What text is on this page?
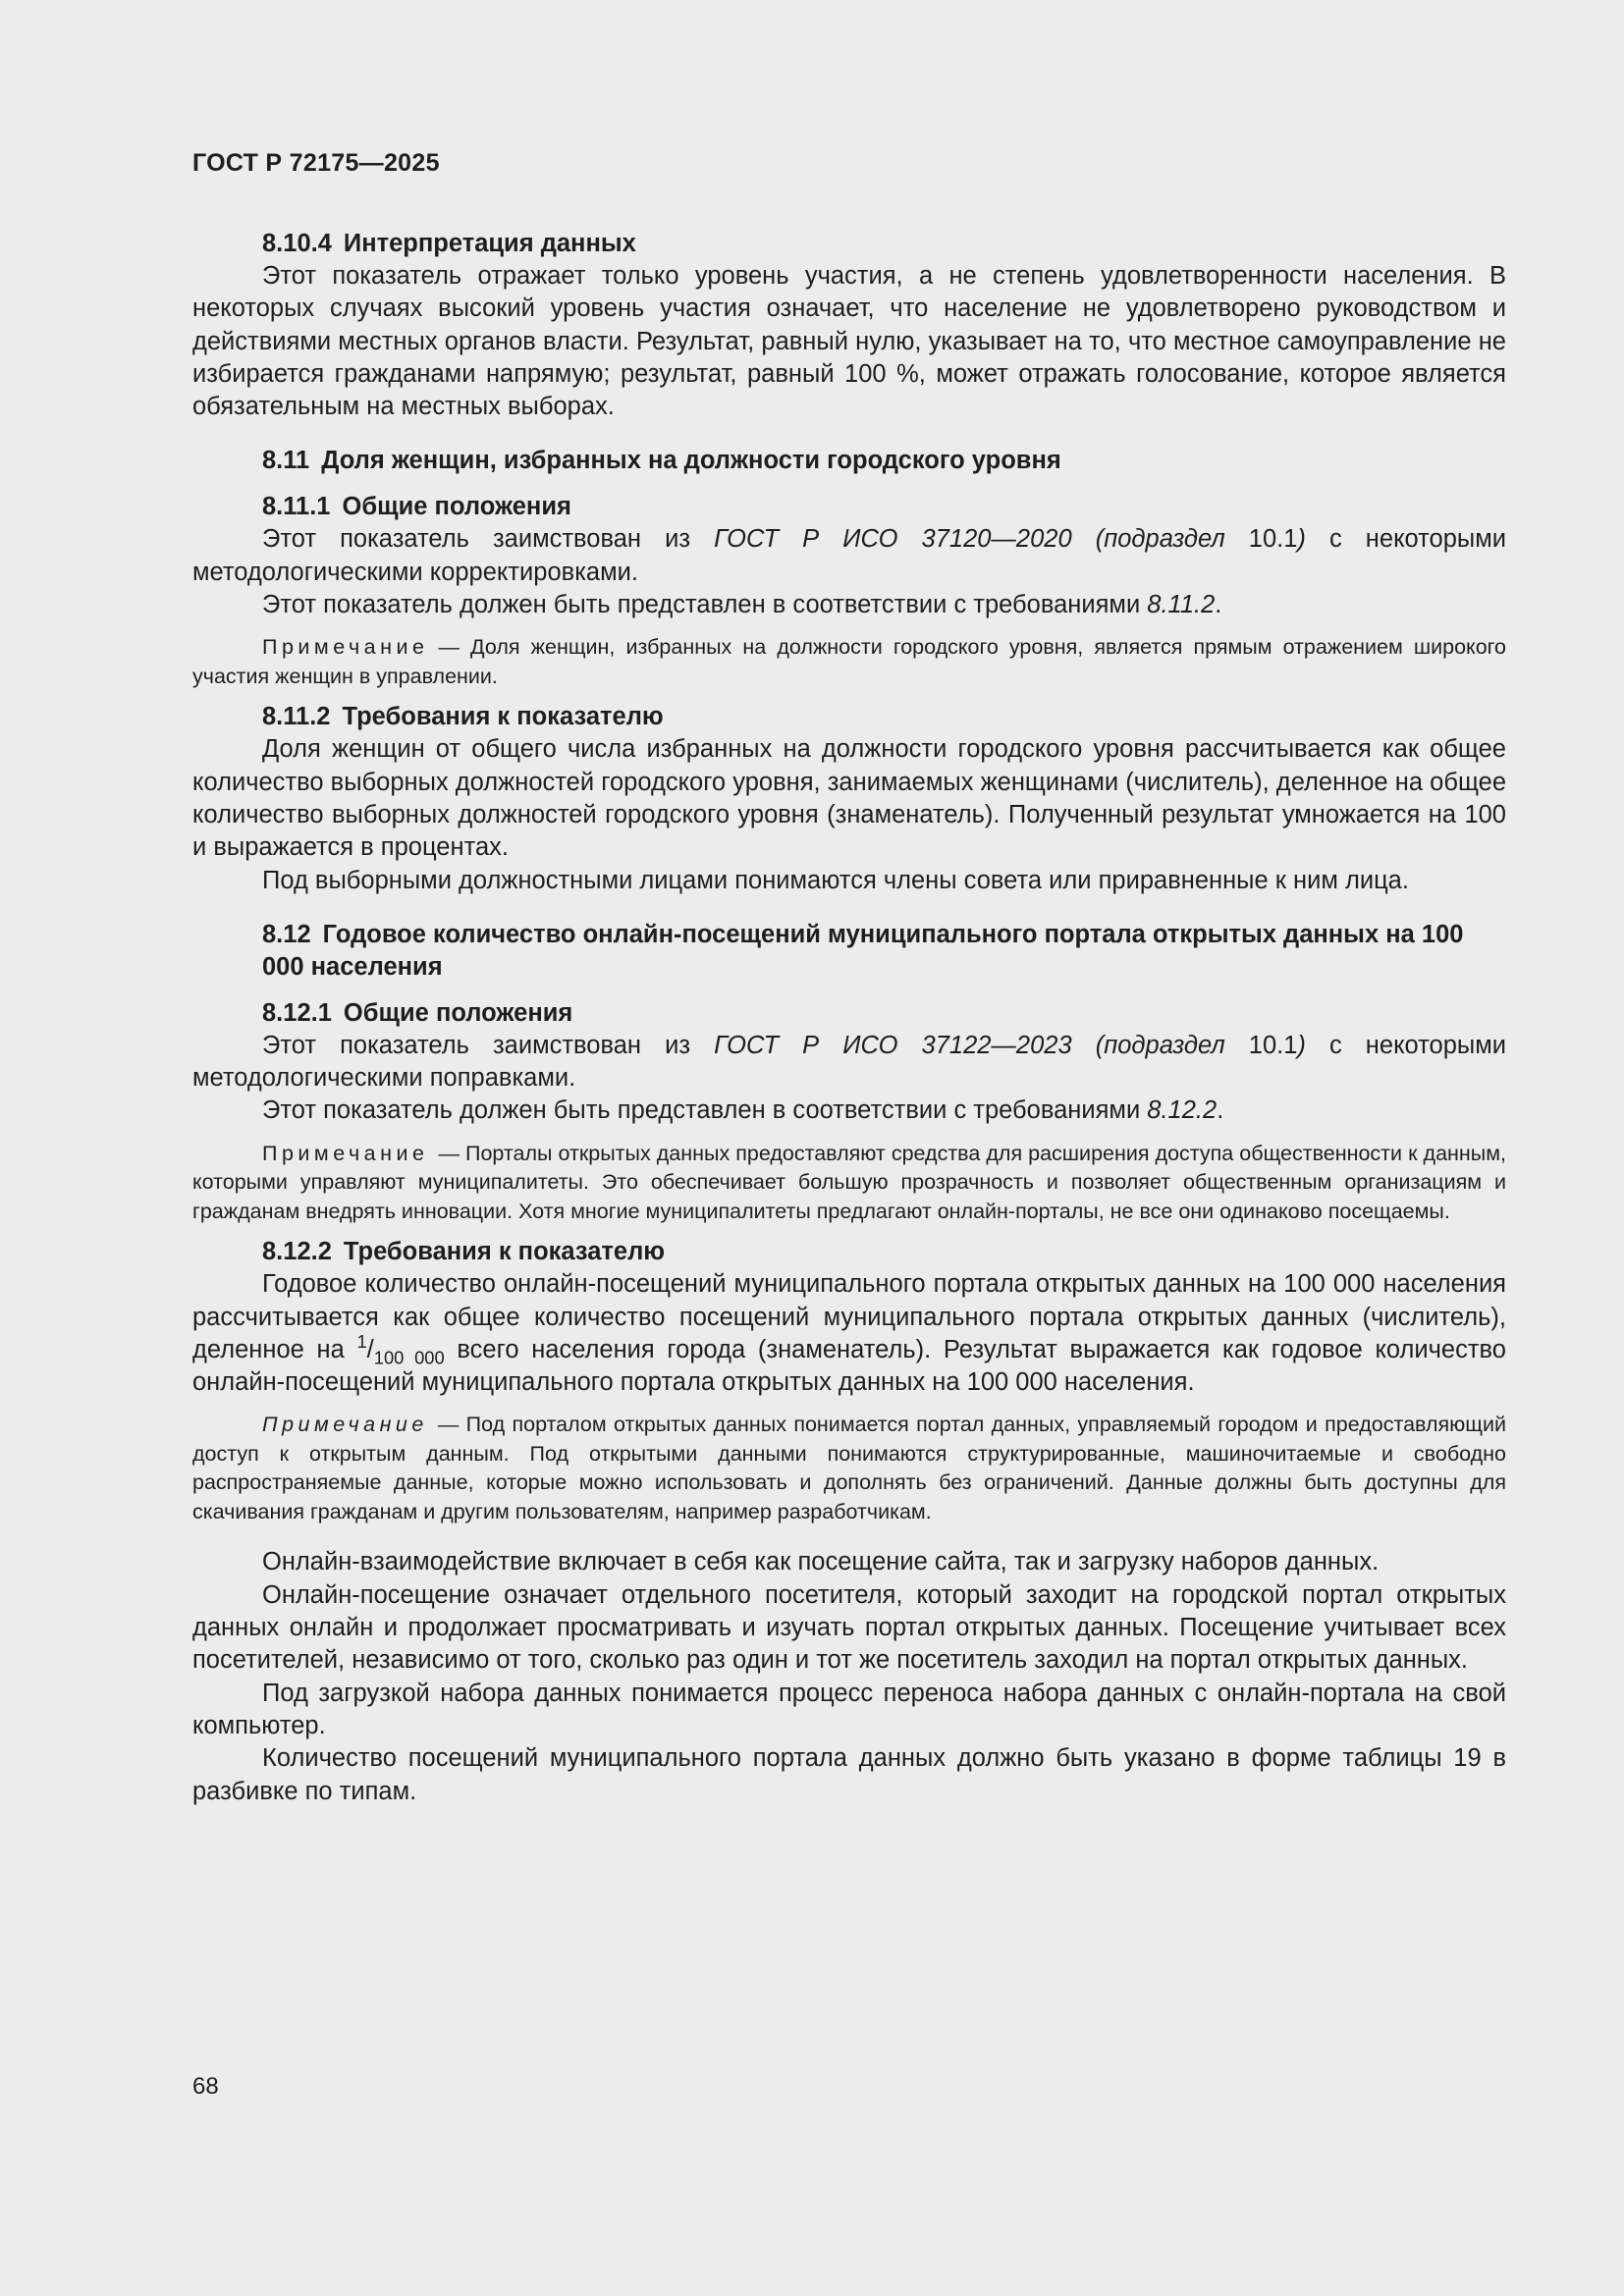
ГОСТ Р 72175—2025
8.10.4 Интерпретация данных

Этот показатель отражает только уровень участия, а не степень удовлетворенности населения. В некоторых случаях высокий уровень участия означает, что население не удовлетворено руководством и действиями местных органов власти. Результат, равный нулю, указывает на то, что местное самоуправление не избирается гражданами напрямую; результат, равный 100 %, может отражать голосование, которое является обязательным на местных выборах.

8.11 Доля женщин, избранных на должности городского уровня
8.11.1 Общие положения

Этот показатель заимствован из ГОСТ Р ИСО 37120—2020 (подраздел 10.1) с некоторыми методологическими корректировками.

Этот показатель должен быть представлен в соответствии с требованиями 8.11.2.

Примечание — Доля женщин, избранных на должности городского уровня, является прямым отражением широкого участия женщин в управлении.

8.11.2 Требования к показателю

Доля женщин от общего числа избранных на должности городского уровня рассчитывается как общее количество выборных должностей городского уровня, занимаемых женщинами (числитель), деленное на общее количество выборных должностей городского уровня (знаменатель). Полученный результат умножается на 100 и выражается в процентах.

Под выборными должностными лицами понимаются члены совета или приравненные к ним лица.

8.12 Годовое количество онлайн-посещений муниципального портала открытых данных на 100 000 населения
8.12.1 Общие положения

Этот показатель заимствован из ГОСТ Р ИСО 37122—2023 (подраздел 10.1) с некоторыми методологическими поправками.

Этот показатель должен быть представлен в соответствии с требованиями 8.12.2.

Примечание — Порталы открытых данных предоставляют средства для расширения доступа общественности к данным, которыми управляют муниципалитеты. Это обеспечивает большую прозрачность и позволяет общественным организациям и гражданам внедрять инновации. Хотя многие муниципалитеты предлагают онлайн-порталы, не все они одинаково посещаемы.

8.12.2 Требования к показателю

Годовое количество онлайн-посещений муниципального портала открытых данных на 100 000 населения рассчитывается как общее количество посещений муниципального портала открытых данных (числитель), деленное на $^1/_{100 000}$ всего населения города (знаменатель). Результат выражается как годовое количество онлайн-посещений муниципального портала открытых данных на 100 000 населения.

Примечание — Под порталом открытых данных понимается портал данных, управляемый городом и предоставляющий доступ к открытым данным. Под открытыми данными понимаются структурированные, машиночитаемые и свободно распространяемые данные, которые можно использовать и дополнять без ограничений. Данные должны быть доступны для скачивания гражданам и другим пользователям, например разработчикам.

Онлайн-взаимодействие включает в себя как посещение сайта, так и загрузку наборов данных.

Онлайн-посещение означает отдельного посетителя, который заходит на городской портал открытых данных онлайн и продолжает просматривать и изучать портал открытых данных. Посещение учитывает всех посетителей, независимо от того, сколько раз один и тот же посетитель заходил на портал открытых данных.

Под загрузкой набора данных понимается процесс переноса набора данных с онлайн-портала на свой компьютер.

Количество посещений муниципального портала данных должно быть указано в форме таблицы 19 в разбивке по типам.

68
